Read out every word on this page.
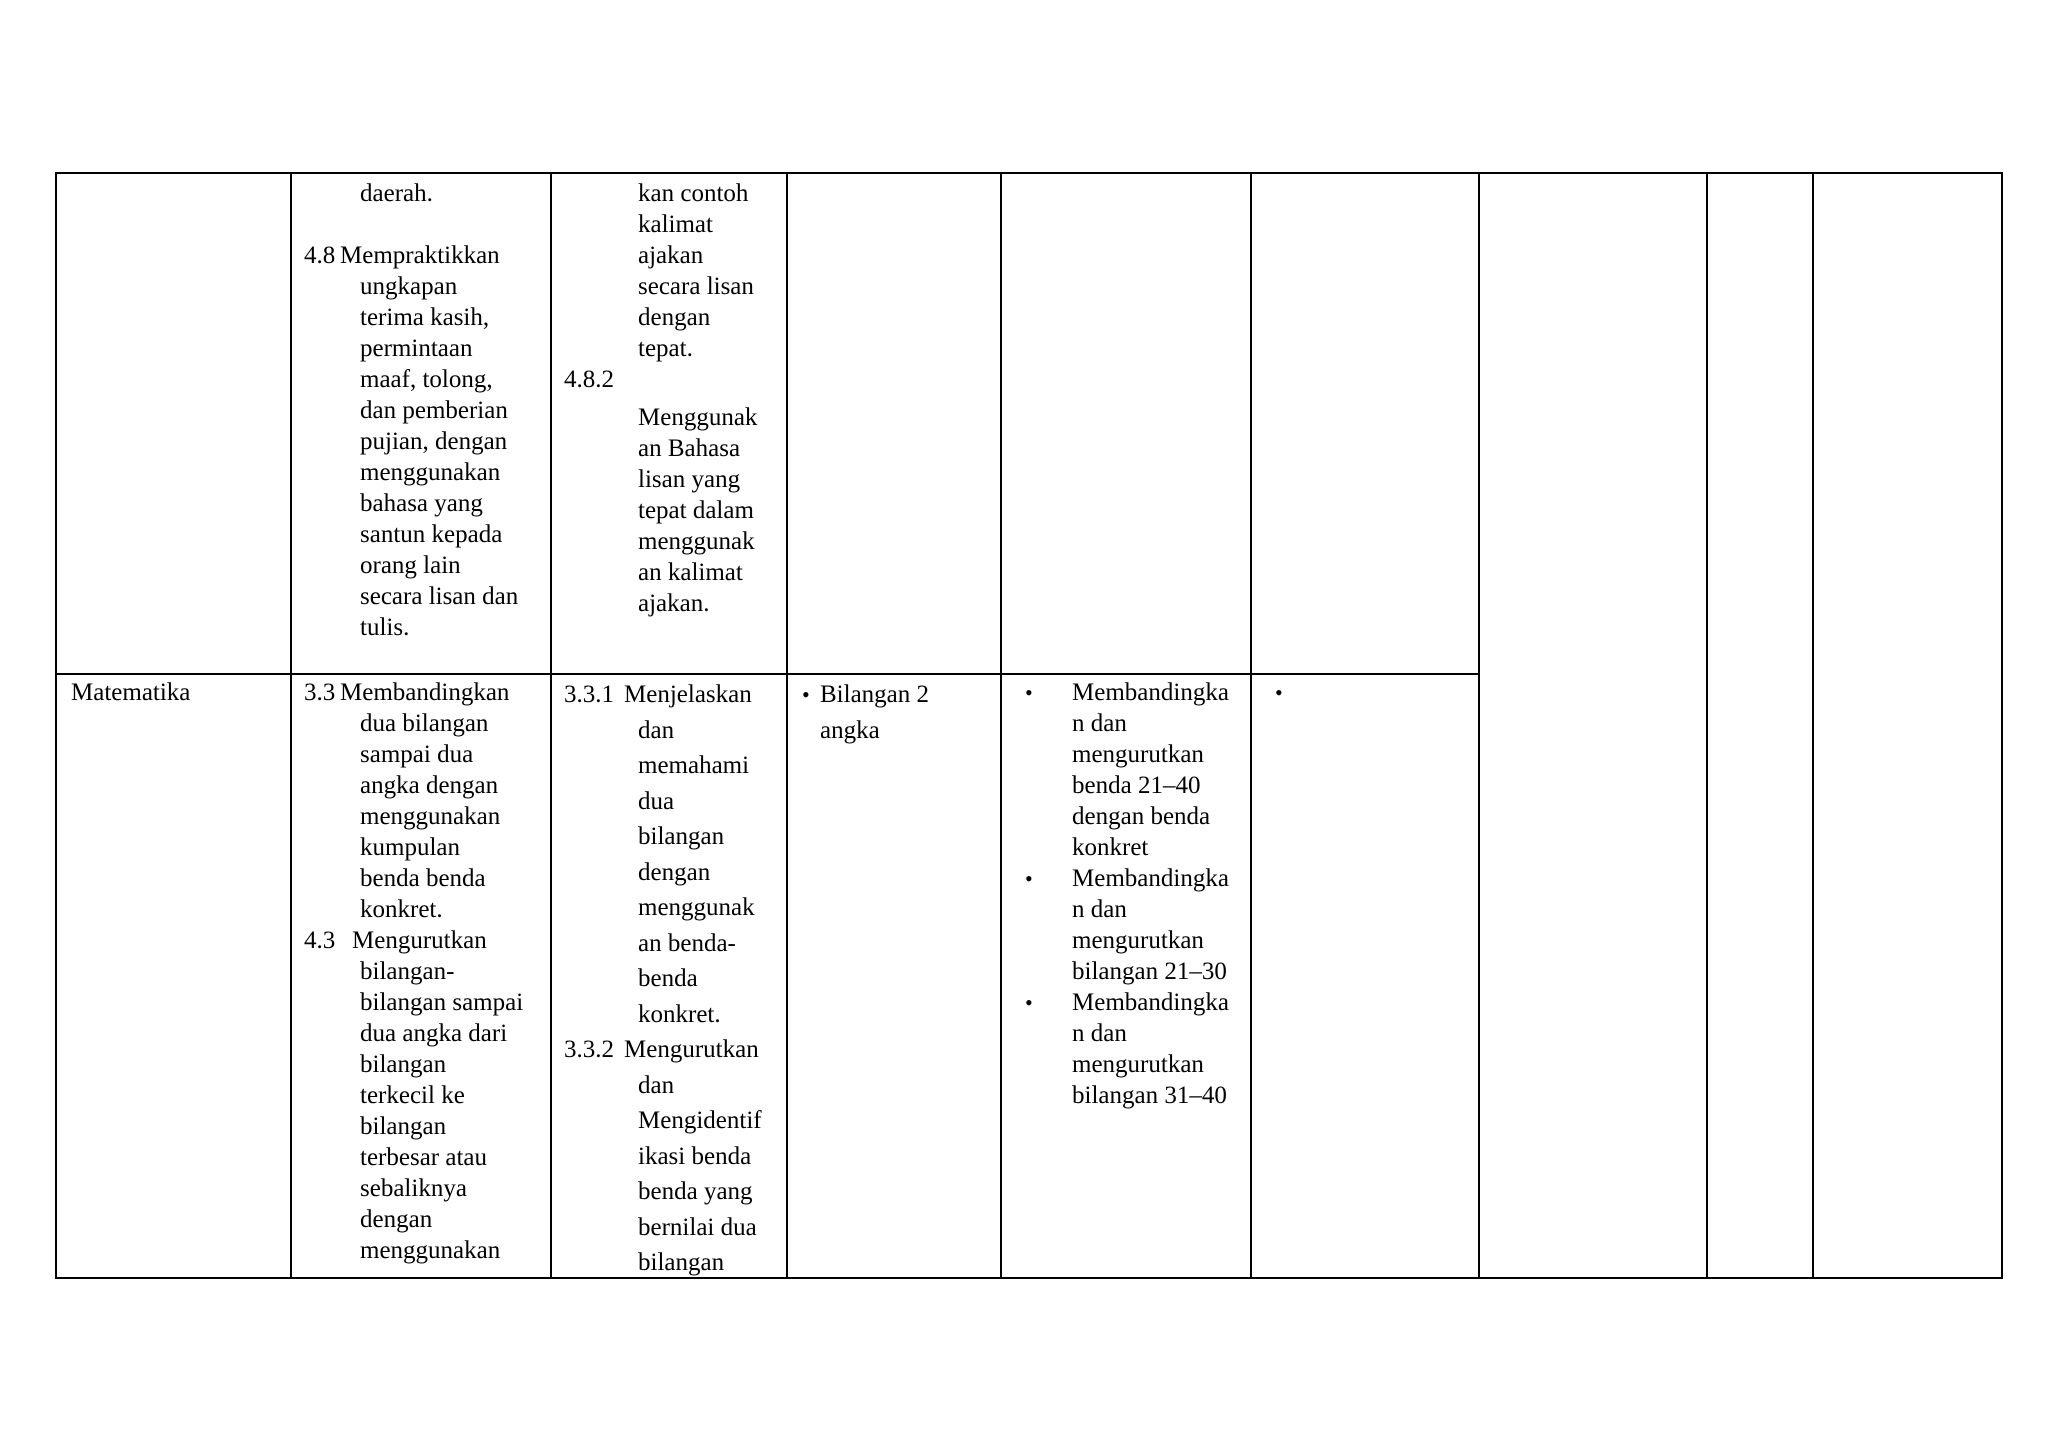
daerah.
4.8 Mempraktikkan
ungkapan
terima kasih,
permintaan
maaf, tolong,
dan pemberian
pujian, dengan
menggunakan
bahasa yang
santun kepada
orang lain
secara lisan dan
tulis.
kan contoh
kalimat
ajakan
secara lisan
dengan
tepat.
4.8.2
Menggunak
an Bahasa
lisan yang
tepat dalam
menggunak
an kalimat
ajakan.
Matematika	3.3 Membandingkan
dua bilangan
sampai dua
angka dengan
menggunakan
kumpulan
benda benda
konkret.
4.3 Mengurutkan
bilangan-
bilangan sampai
dua angka dari
bilangan
terkecil ke
bilangan
terbesar atau
sebaliknya
dengan
menggunakan
3.3.1 Menjelaskan
dan
memahami
dua
bilangan
dengan
menggunak
an benda-
benda
konkret.
3.3.2 Mengurutkan
dan
Mengidentif
ikasi benda
benda yang
bernilai dua
bilangan
• Bilangan 2
angka
• Membandingka
n dan
mengurutkan
benda 21–40
dengan benda
konkret
• Membandingka
n dan
mengurutkan
bilangan 21–30
• Membandingka
n dan
mengurutkan
bilangan 31–40
•
